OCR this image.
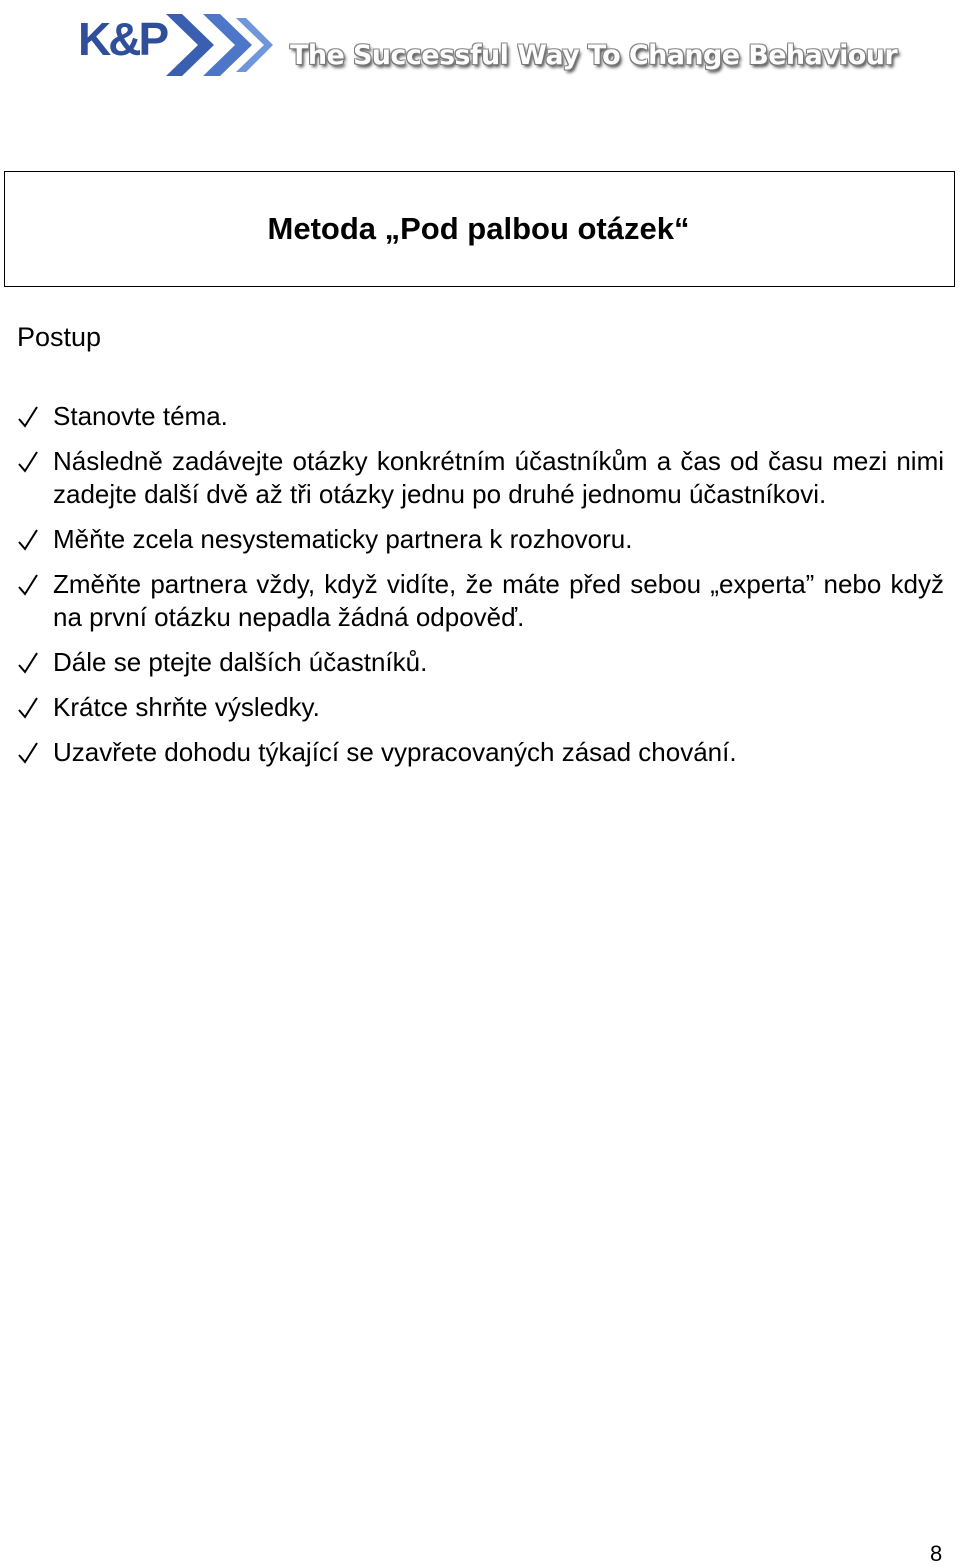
K&P	The Successful Way To Change Behaviour
Metoda „Pod palbou otázek“
Postup
Stanovte téma.
Následně zadávejte otázky konkrétním účastníkům a čas od času mezi nimi zadejte další dvě až tři otázky jednu po druhé jednomu účastníkovi.
Měňte zcela nesystematicky partnera k rozhovoru.
Změňte partnera vždy, když vidíte, že máte před sebou „experta” nebo když na první otázku nepadla žádná odpověď.
Dále se ptejte dalších účastníků.
Krátce shrňte výsledky.
Uzavřete dohodu týkající se vypracovaných zásad chování.
8
